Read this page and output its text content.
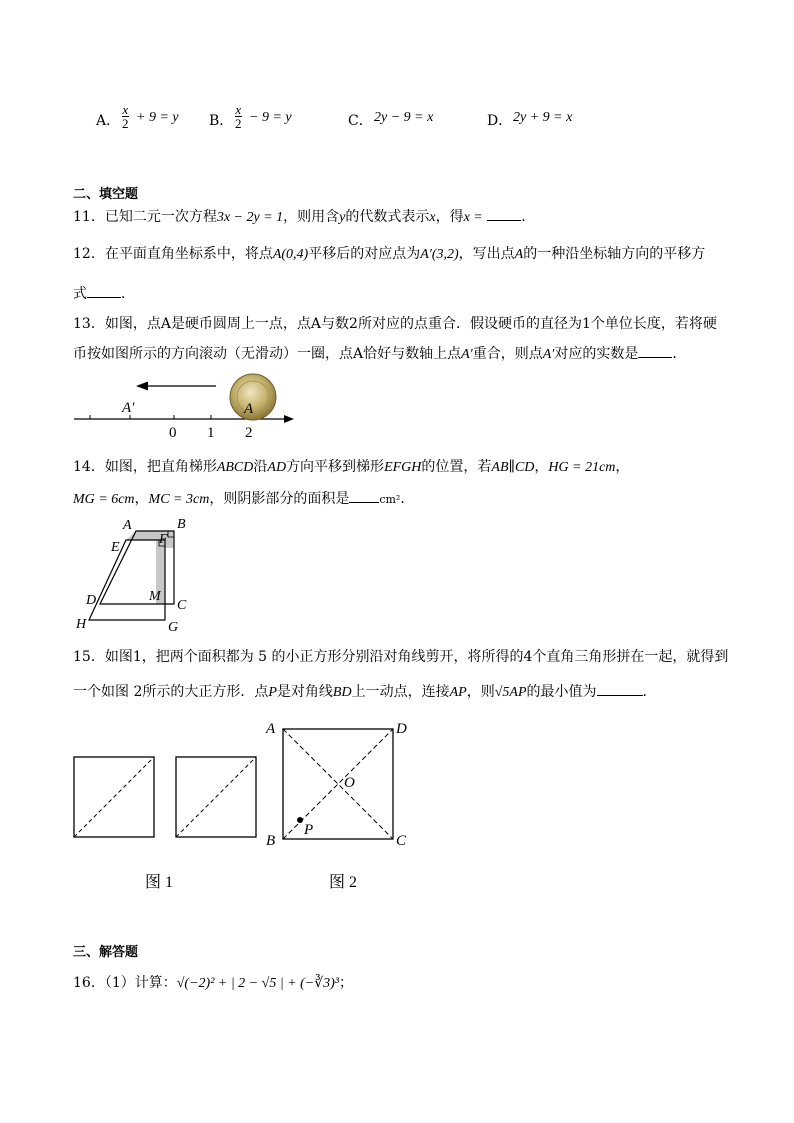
A．
x
2 + 9 = y B．
x
2 − 9 = y	C． 2y − 9 = x	D． 2y + 9 = x
二、填空题
11．已知二元一次方程3x − 2y = 1，则用含y的代数式表示x，得x =	．
12．在平面直角坐标系中，将点A(0,4)平移后的对应点为A′(3,2)，写出点A的一种沿坐标轴方向的平移方
式 ．
13．如图，点A是硬币圆周上一点，点A与数2所对应的点重合．假设硬币的直径为1个单位长度，若将硬
币按如图所示的方向滚动（无滑动）一圈，点A恰好与数轴上点A′重合，则点A′对应的实数是 ．
A′	A
0 1 2
14．如图，把直角梯形ABCD沿AD方向平移到梯形EFGH的位置，若AB∥CD，HG = 21cm，
MG = 6cm，MC = 3cm，则阴影部分的面积是	cm²．
A	B
E
F
D	M
C
H	G
15．如图1，把两个面积都为 5 的小正方形分别沿对角线剪开，将所得的4个直角三角形拼在一起，就得到
一个如图 2所示的大正方形．点P是对角线BD上一动点，连接AP，则√5AP的最小值为	．
图 1
A	D
O
B
P
C
图 2
三、解答题
16．（1）计算：√(−2)² + | 2 − √5 | + (−∛3)³；
